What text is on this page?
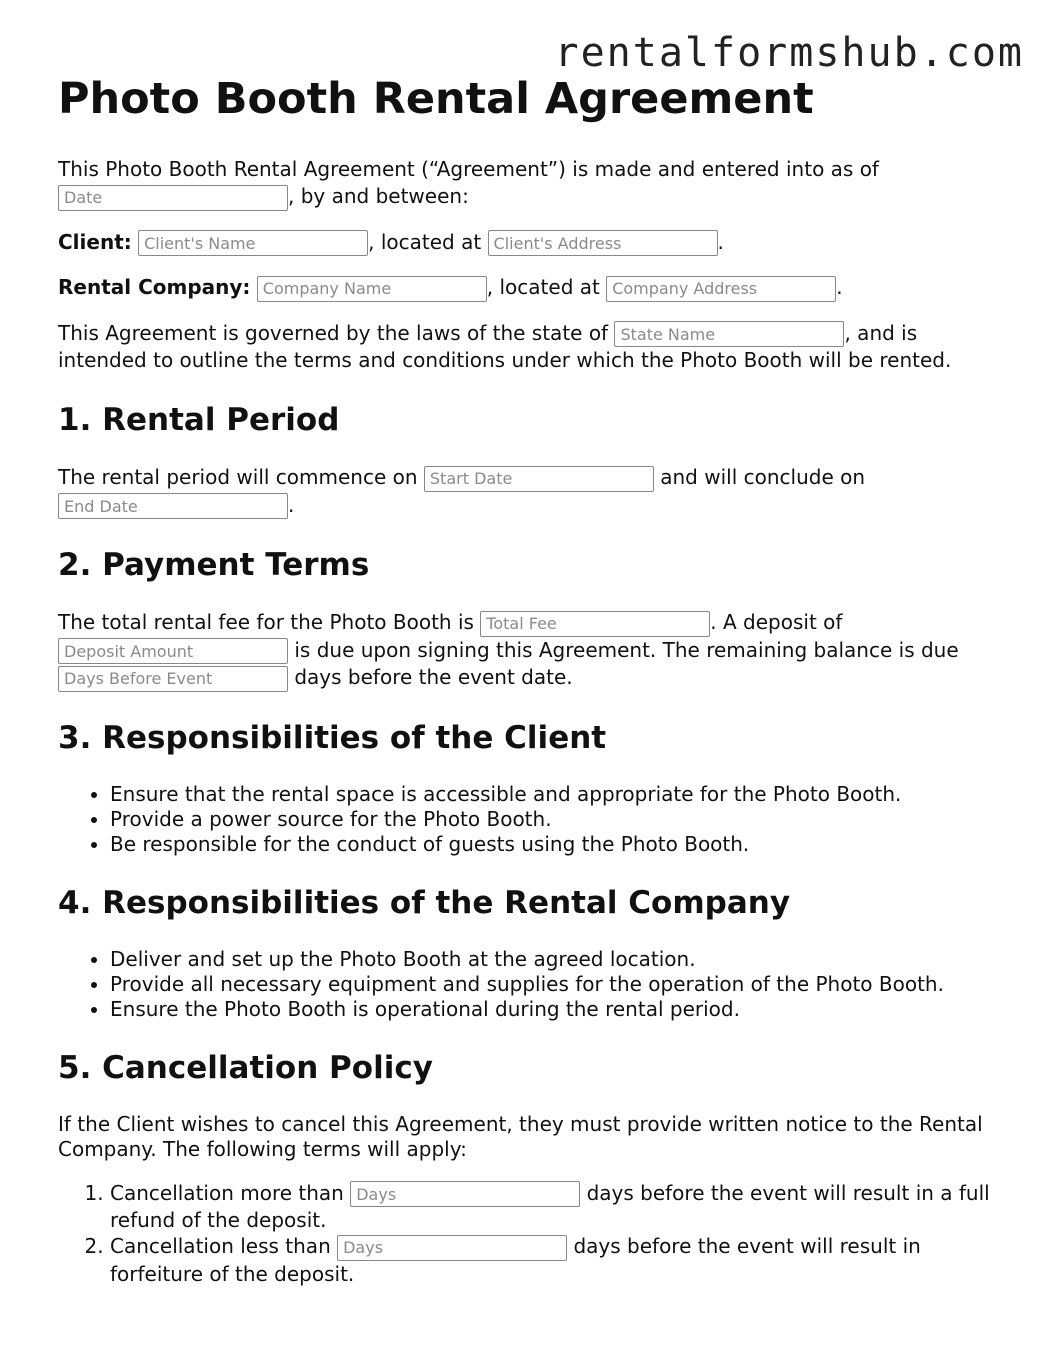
rentalformshub.com
Photo Booth Rental Agreement

This Photo Booth Rental Agreement (“Agreement”) is made and entered into as of
Date, by and between:

Client: Client's Name	, located at Client's Address	.

Rental Company: Company Name	, located at Company Address	.

This Agreement is governed by the laws of the state of State Name	, and is intended to outline the terms and conditions under which the Photo Booth will be rented.

1. Rental Period

The rental period will commence on Start Date	and will conclude on
End Date.

2. Payment Terms

The total rental fee for the Photo Booth is Total Fee	. A deposit of
Deposit Amount is due upon signing this Agreement. The remaining balance is due
Days Before Event days before the event date.

3. Responsibilities of the Client
• Ensure that the rental space is accessible and appropriate for the Photo Booth.
• Provide a power source for the Photo Booth.
• Be responsible for the conduct of guests using the Photo Booth.
4. Responsibilities of the Rental Company
• Deliver and set up the Photo Booth at the agreed location.
• Provide all necessary equipment and supplies for the operation of the Photo Booth.
• Ensure the Photo Booth is operational during the rental period.
5. Cancellation Policy

If the Client wishes to cancel this Agreement, they must provide written notice to the Rental Company. The following terms will apply:

1. Cancellation more than Days	days before the event will result in a full refund of the deposit.
2. Cancellation less than Days	days before the event will result in forfeiture of the deposit.
